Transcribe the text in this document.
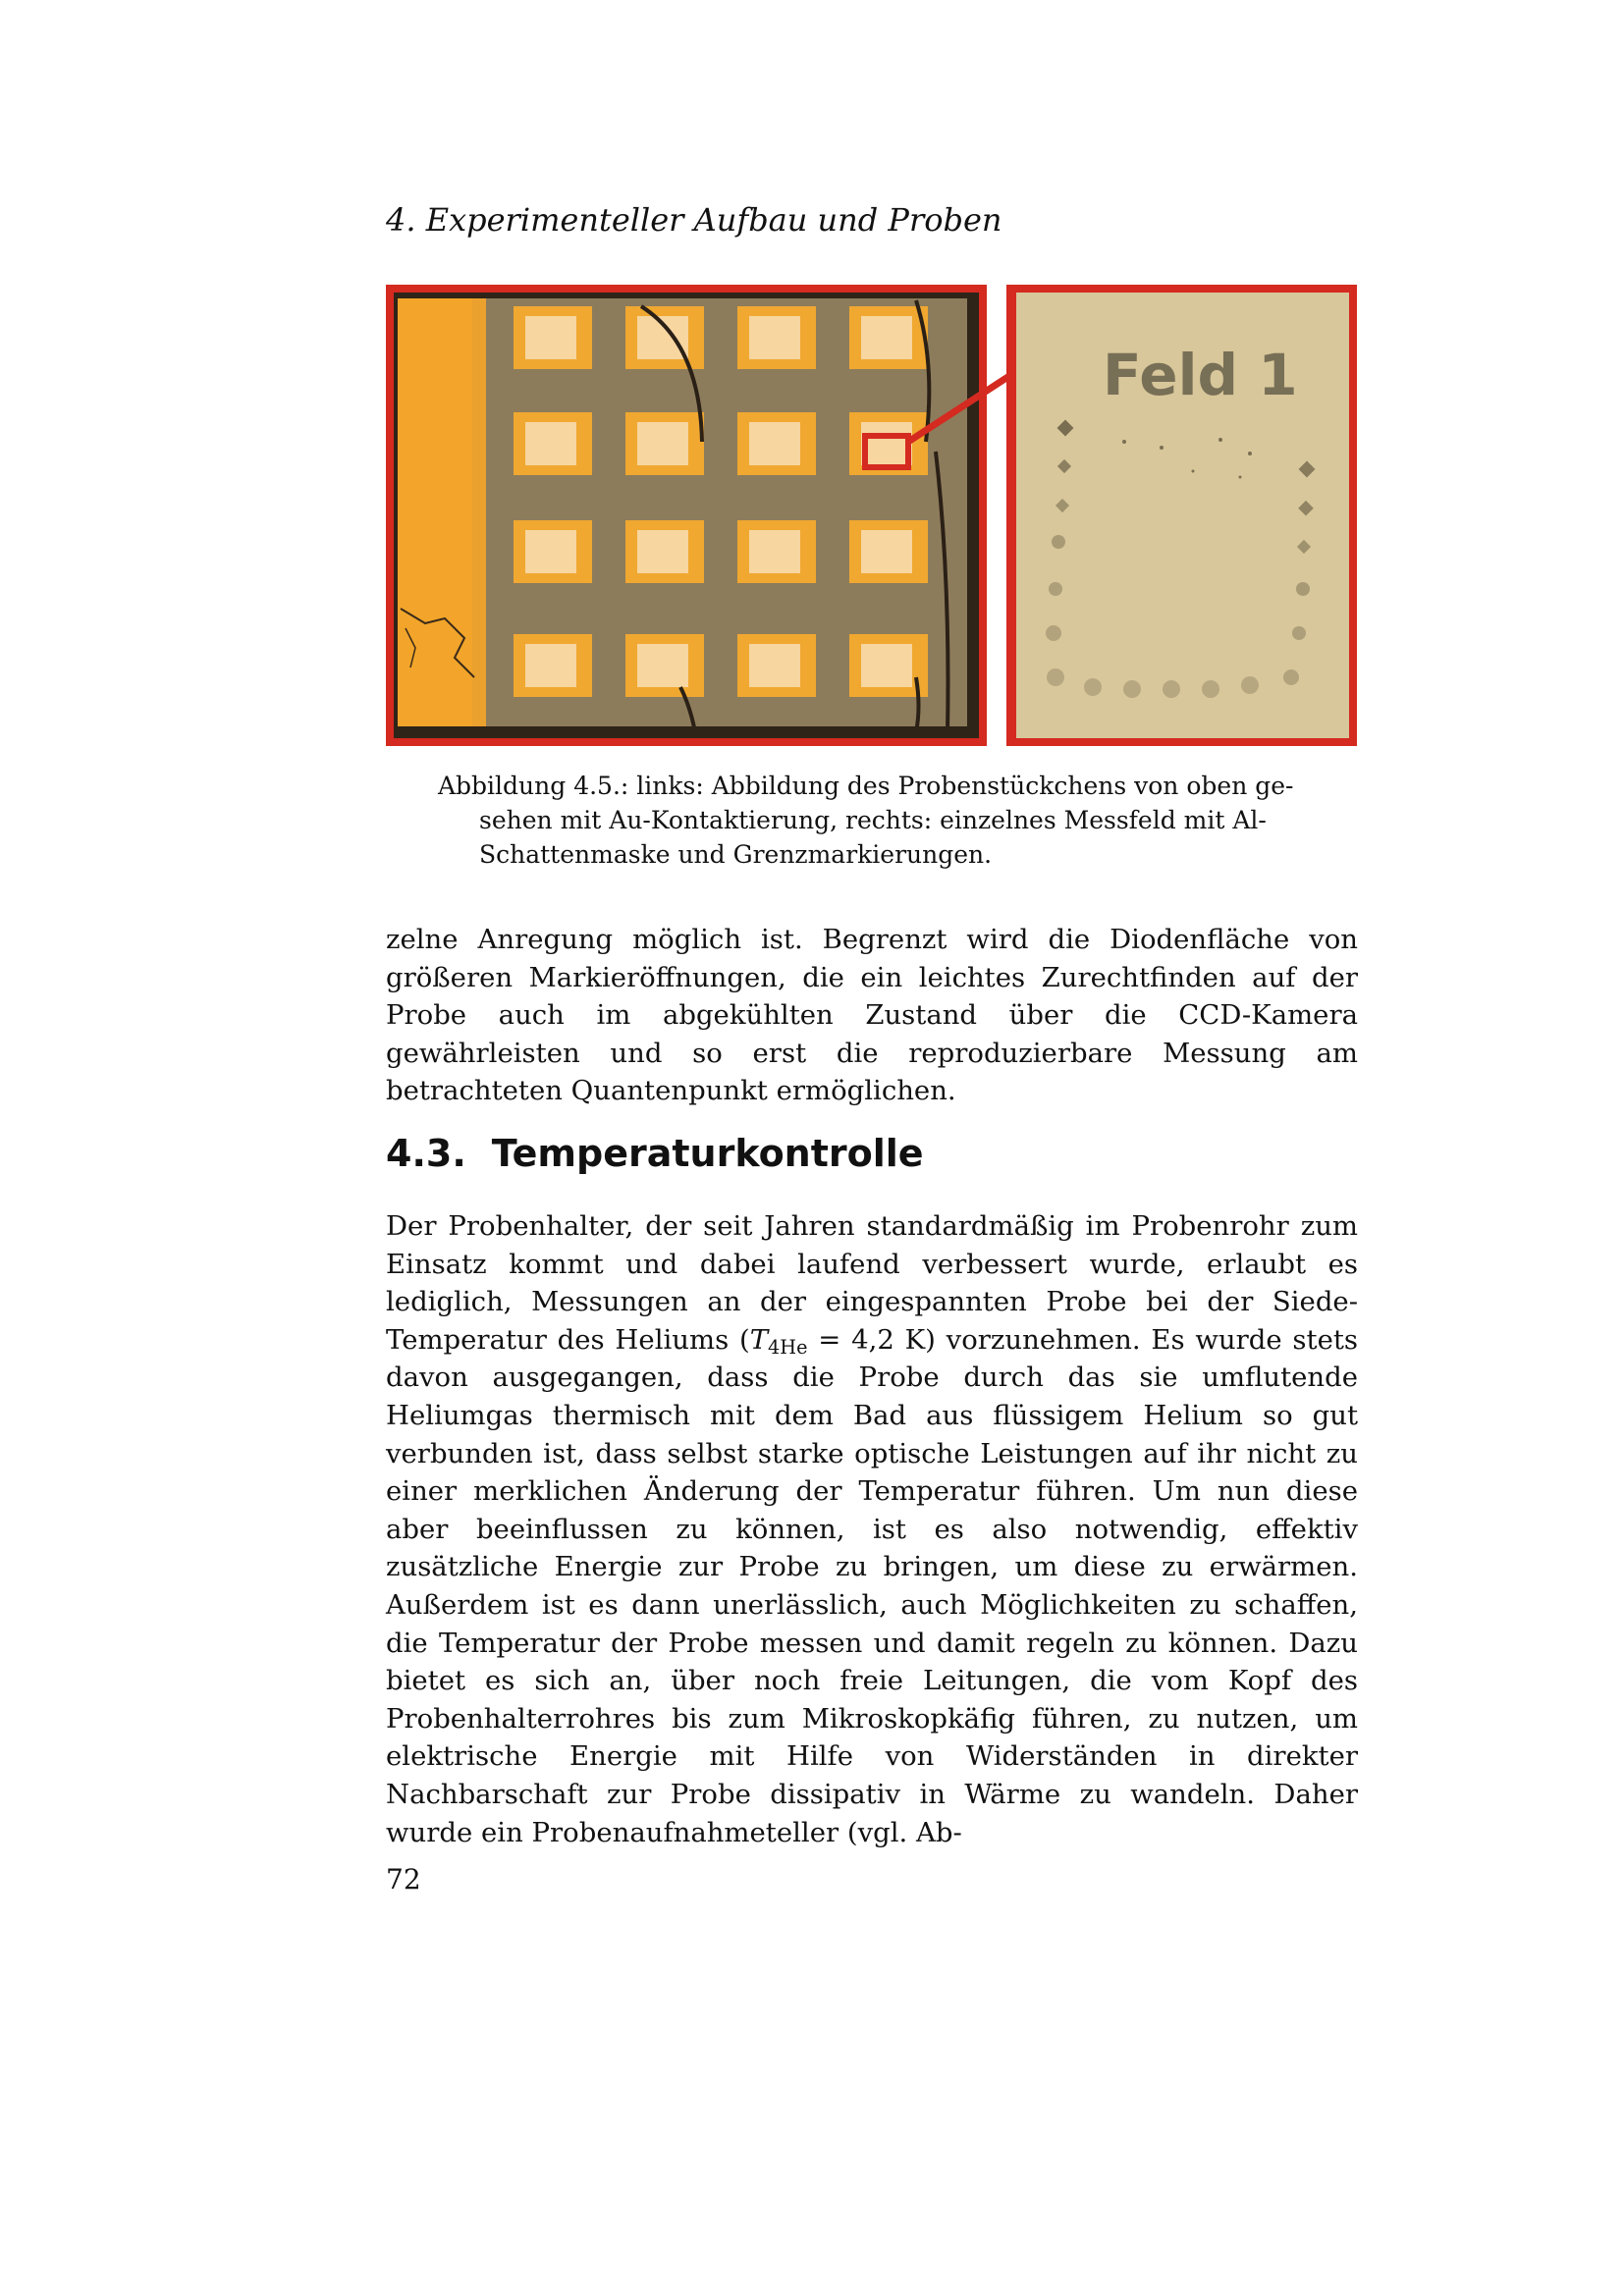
4. Experimenteller Aufbau und Proben
Feld 1
Abbildung 4.5.: links: Abbildung des Probenstückchens von oben ge-
sehen mit Au-Kontaktierung, rechts: einzelnes Messfeld mit Al-
Schattenmaske und Grenzmarkierungen.

zelne Anregung möglich ist. Begrenzt wird die Diodenfläche von größeren Markieröffnungen, die ein leichtes Zurechtfinden auf der Probe auch im abgekühlten Zustand über die CCD-Kamera gewährleisten und so erst die reproduzierbare Messung am betrachteten Quantenpunkt ermöglichen.

4.3. Temperaturkontrolle

Der Probenhalter, der seit Jahren standardmäßig im Probenrohr zum Einsatz kommt und dabei laufend verbessert wurde, erlaubt es lediglich, Messungen an der eingespannten Probe bei der Siede-Temperatur des Heliums ($T_{4He} = 4,2$ K) vorzunehmen. Es wurde stets davon ausgegangen, dass die Probe durch das sie umflutende Heliumgas thermisch mit dem Bad aus flüssigem Helium so gut verbunden ist, dass selbst starke optische Leistungen auf ihr nicht zu einer merklichen Änderung der Temperatur führen. Um nun diese aber beeinflussen zu können, ist es also notwendig, effektiv zusätzliche Energie zur Probe zu bringen, um diese zu erwärmen. Außerdem ist es dann unerlässlich, auch Möglichkeiten zu schaffen, die Temperatur der Probe messen und damit regeln zu können. Dazu bietet es sich an, über noch freie Leitungen, die vom Kopf des Probenhalterrohres bis zum Mikroskopkäfig führen, zu nutzen, um elektrische Energie mit Hilfe von Widerständen in direkter Nachbarschaft zur Probe dissipativ in Wärme zu wandeln. Daher wurde ein Probenaufnahmeteller (vgl. Ab-

72
